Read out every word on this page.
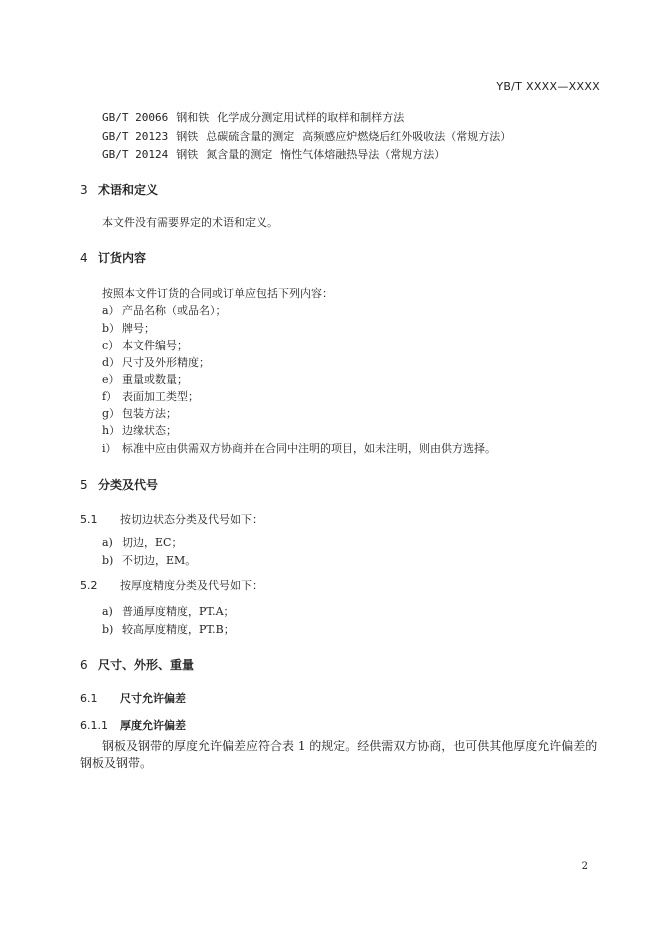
YB/T XXXX—XXXX
GB/T 20066 钢和铁 化学成分测定用试样的取样和制样方法
GB/T 20123 钢铁 总碳硫含量的测定 高频感应炉燃烧后红外吸收法（常规方法）
GB/T 20124 钢铁 氮含量的测定 惰性气体熔融热导法（常规方法）
3 术语和定义
本文件没有需要界定的术语和定义。
4 订货内容
按照本文件订货的合同或订单应包括下列内容：
a） 产品名称（或品名）；
b） 牌号；
c） 本文件编号；
d） 尺寸及外形精度；
e） 重量或数量；
f） 表面加工类型；
g） 包装方法；
h） 边缘状态；
i） 标准中应由供需双方协商并在合同中注明的项目，如未注明，则由供方选择。
5 分类及代号
5.1 按切边状态分类及代号如下：
a) 切边，EC；
b) 不切边，EM。
5.2 按厚度精度分类及代号如下：
a) 普通厚度精度，PT.A；
b) 较高厚度精度，PT.B；
6 尺寸、外形、重量
6.1 尺寸允许偏差
6.1.1 厚度允许偏差
钢板及钢带的厚度允许偏差应符合表 1 的规定。经供需双方协商，也可供其他厚度允许偏差的
钢板及钢带。
2
